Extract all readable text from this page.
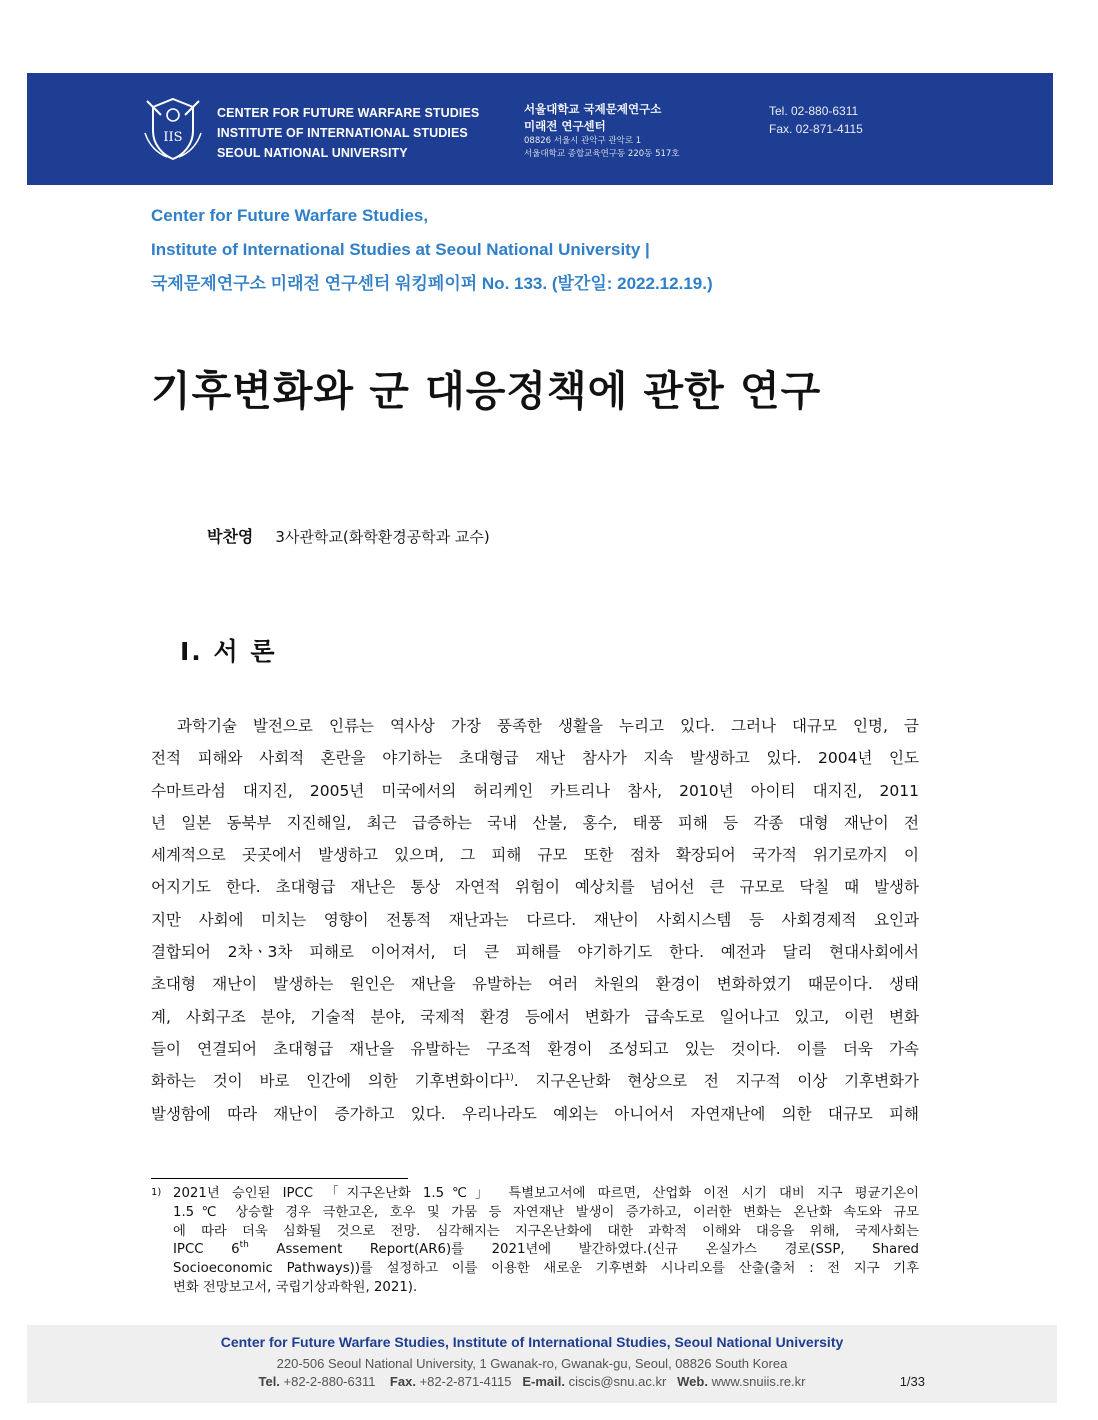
IIS
CENTER FOR FUTURE WARFARE STUDIES
INSTITUTE OF INTERNATIONAL STUDIES
SEOUL NATIONAL UNIVERSITY
서울대학교 국제문제연구소
미래전 연구센터
08826 서울시 관악구 관악로 1
서울대학교 종합교육연구동 220동 517호
Tel. 02-880-6311
Fax. 02-871-4115
Center for Future Warfare Studies,
Institute of International Studies at Seoul National University |
국제문제연구소 미래전 연구센터 워킹페이퍼 No. 133. (발간일: 2022.12.19.)
기후변화와 군 대응정책에 관한 연구
박찬영 3사관학교(화학환경공학과 교수)
Ⅰ. 서 론
과학기술 발전으로 인류는 역사상 가장 풍족한 생활을 누리고 있다. 그러나 대규모 인명, 금
전적 피해와 사회적 혼란을 야기하는 초대형급 재난 참사가 지속 발생하고 있다. 2004년 인도
수마트라섬 대지진, 2005년 미국에서의 허리케인 카트리나 참사, 2010년 아이티 대지진, 2011
년 일본 동북부 지진해일, 최근 급증하는 국내 산불, 홍수, 태풍 피해 등 각종 대형 재난이 전
세계적으로 곳곳에서 발생하고 있으며, 그 피해 규모 또한 점차 확장되어 국가적 위기로까지 이
어지기도 한다. 초대형급 재난은 통상 자연적 위험이 예상치를 넘어선 큰 규모로 닥칠 때 발생하
지만 사회에 미치는 영향이 전통적 재난과는 다르다. 재난이 사회시스템 등 사회경제적 요인과
결합되어 2차ㆍ3차 피해로 이어져서, 더 큰 피해를 야기하기도 한다. 예전과 달리 현대사회에서
초대형 재난이 발생하는 원인은 재난을 유발하는 여러 차원의 환경이 변화하였기 때문이다. 생태
계, 사회구조 분야, 기술적 분야, 국제적 환경 등에서 변화가 급속도로 일어나고 있고, 이런 변화
들이 연결되어 초대형급 재난을 유발하는 구조적 환경이 조성되고 있는 것이다. 이를 더욱 가속
화하는 것이 바로 인간에 의한 기후변화이다$^{1)}$. 지구온난화 현상으로 전 지구적 이상 기후변화가
발생함에 따라 재난이 증가하고 있다. 우리나라도 예외는 아니어서 자연재난에 의한 대규모 피해
1) 2021년 승인된 IPCC 「지구온난화 1.5℃」 특별보고서에 따르면, 산업화 이전 시기 대비 지구 평균기온이
1.5℃ 상승할 경우 극한고온, 호우 및 가뭄 등 자연재난 발생이 증가하고, 이러한 변화는 온난화 속도와 규모
에 따라 더욱 심화될 것으로 전망. 심각해지는 지구온난화에 대한 과학적 이해와 대응을 위해, 국제사회는
IPCC 6th Assement Report(AR6)를 2021년에 발간하였다.(신규 온실가스 경로(SSP, Shared
Socioeconomic Pathways))를 설정하고 이를 이용한 새로운 기후변화 시나리오를 산출(출처 : 전 지구 기후
변화 전망보고서, 국립기상과학원, 2021).
Center for Future Warfare Studies, Institute of International Studies, Seoul National University
220-506 Seoul National University, 1 Gwanak-ro, Gwanak-gu, Seoul, 08826 South Korea
Tel. +82-2-880-6311 Fax. +82-2-871-4115 E-mail. ciscis@snu.ac.kr Web. www.snuiis.re.kr	1/33
